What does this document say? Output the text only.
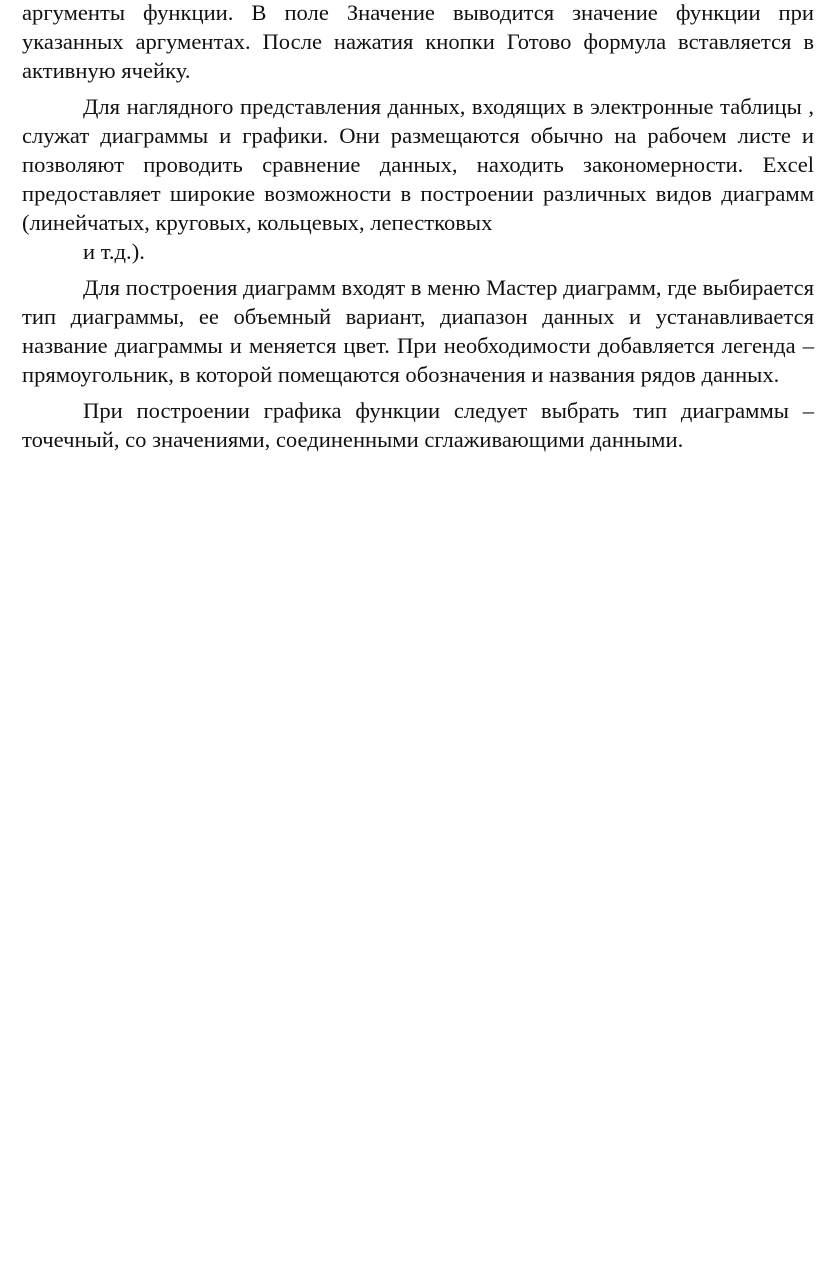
аргументы функции. В поле Значение выводится значение функции при указанных аргументах. После нажатия кнопки Готово формула вставляется в активную ячейку.

Для наглядного представления данных, входящих в электронные таблицы , служат диаграммы и графики. Они размещаются обычно на рабочем листе и позволяют проводить сравнение данных, находить закономерности. Excel предоставляет широкие возможности в построении различных видов диаграмм (линейчатых, круговых, кольцевых, лепестковых
и т.д.).

Для построения диаграмм входят в меню Мастер диаграмм, где выбирается тип диаграммы, ее объемный вариант, диапазон данных и устанавливается название диаграммы и меняется цвет. При необходимости добавляется легенда – прямоугольник, в которой помещаются обозначения и названия рядов данных.

При построении графика функции следует выбрать тип диаграммы – точечный, со значениями, соединенными сглаживающими данными.
